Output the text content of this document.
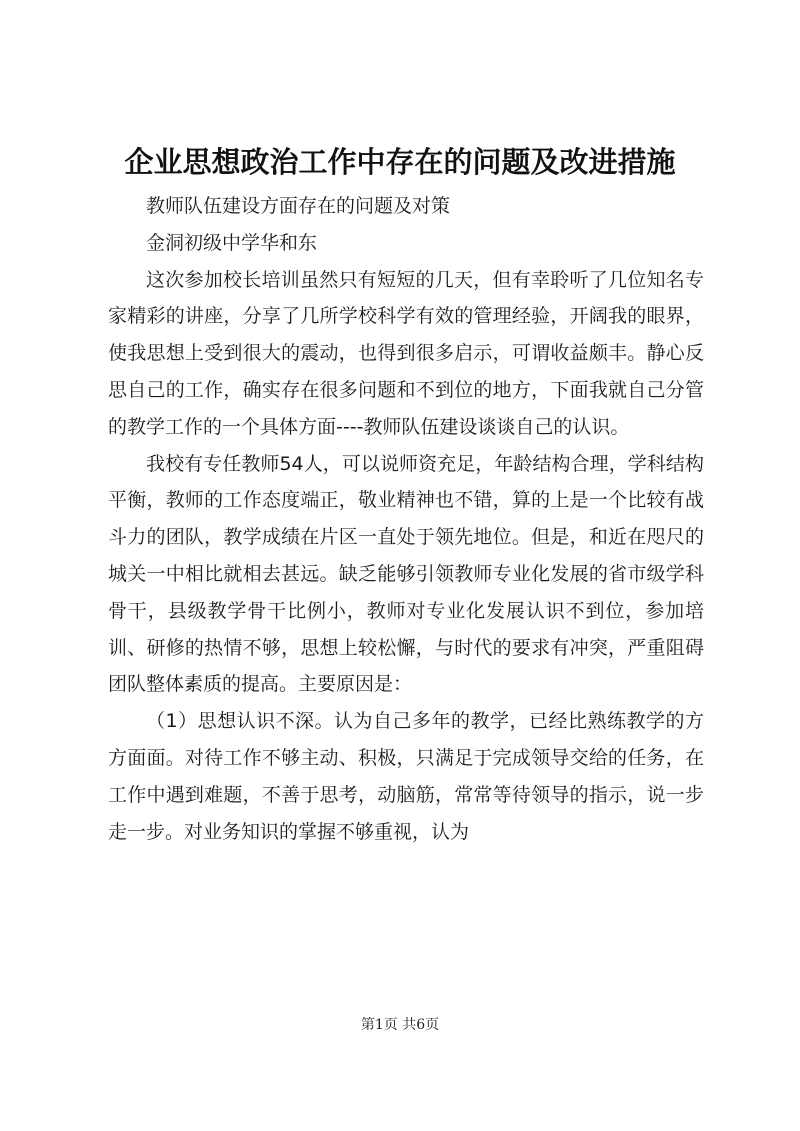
企业思想政治工作中存在的问题及改进措施

教师队伍建设方面存在的问题及对策

金洞初级中学华和东

这次参加校长培训虽然只有短短的几天，但有幸聆听了几位知名专家精彩的讲座，分享了几所学校科学有效的管理经验，开阔我的眼界，使我思想上受到很大的震动，也得到很多启示，可谓收益颇丰。静心反思自己的工作，确实存在很多问题和不到位的地方，下面我就自己分管的教学工作的一个具体方面----教师队伍建设谈谈自己的认识。

我校有专任教师54人，可以说师资充足，年龄结构合理，学科结构平衡，教师的工作态度端正，敬业精神也不错，算的上是一个比较有战斗力的团队，教学成绩在片区一直处于领先地位。但是，和近在咫尺的城关一中相比就相去甚远。缺乏能够引领教师专业化发展的省市级学科骨干，县级教学骨干比例小，教师对专业化发展认识不到位，参加培训、研修的热情不够，思想上较松懈，与时代的要求有冲突，严重阻碍团队整体素质的提高。主要原因是：

（1）思想认识不深。认为自己多年的教学，已经比熟练教学的方方面面。对待工作不够主动、积极，只满足于完成领导交给的任务，在工作中遇到难题，不善于思考，动脑筋，常常等待领导的指示，说一步走一步。对业务知识的掌握不够重视，认为

第1页 共6页
